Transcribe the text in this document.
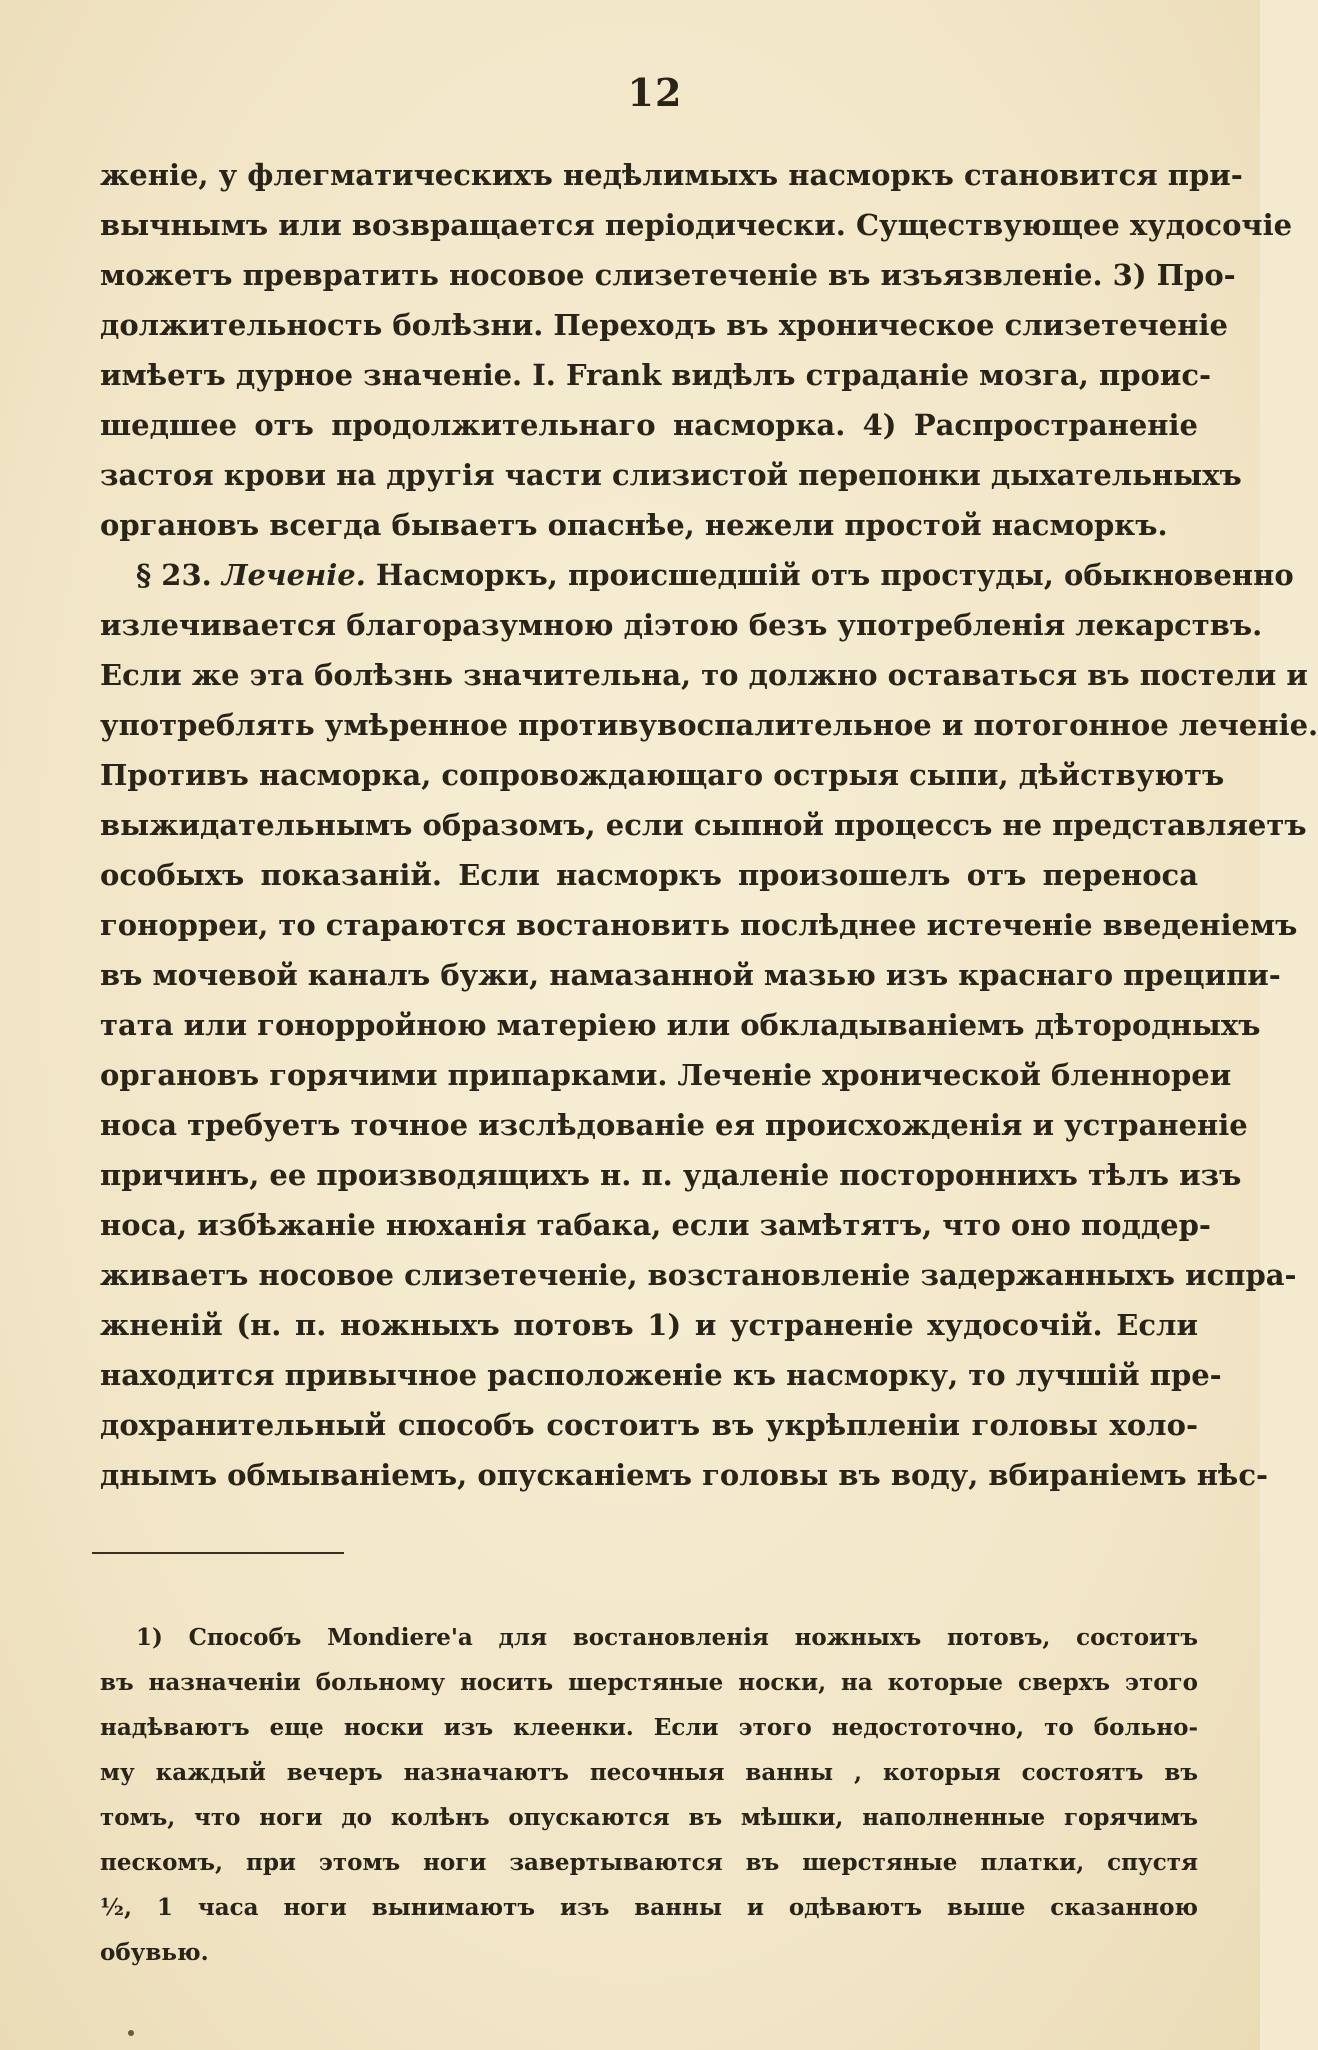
12
женіе, у флегматическихъ недѣлимыхъ насморкъ становится при-
вычнымъ или возвращается періодически. Существующее худосочіе
можетъ превратить носовое слизетеченіе въ изъязвленіе. 3) Про-
должительность болѣзни. Переходъ въ хроническое слизетеченіе
имѣетъ дурное значеніе. I. Frank видѣлъ страданіе мозга, проис-
шедшее отъ продолжительнаго насморка. 4) Распространеніе
застоя крови на другія части слизистой перепонки дыхательныхъ
органовъ всегда бываетъ опаснѣе, нежели простой насморкъ.
§ 23. Леченіе. Насморкъ, происшедшій отъ простуды, обыкновенно
излечивается благоразумною діэтою безъ употребленія лекарствъ.
Если же эта болѣзнь значительна, то должно оставаться въ постели и
употреблять умѣренное противувоспалительное и потогонное леченіе.
Противъ насморка, сопровождающаго острыя сыпи, дѣйствуютъ
выжидательнымъ образомъ, если сыпной процессъ не представляетъ
особыхъ показаній. Если насморкъ произошелъ отъ переноса
гонорреи, то стараются востановить послѣднее истеченіе введеніемъ
въ мочевой каналъ бужи, намазанной мазью изъ краснаго преципи-
тата или гонорройною матеріею или обкладываніемъ дѣтородныхъ
органовъ горячими припарками. Леченіе хронической бленнореи
носа требуетъ точное изслѣдованіе ея происхожденія и устраненіе
причинъ, ее производящихъ н. п. удаленіе постороннихъ тѣлъ изъ
носа, избѣжаніе нюханія табака, если замѣтятъ, что оно поддер-
живаетъ носовое слизетеченіе, возстановленіе задержанныхъ испра-
жненій (н. п. ножныхъ потовъ 1) и устраненіе худосочій. Если
находится привычное расположеніе къ насморку, то лучшій пре-
дохранительный способъ состоитъ въ укрѣпленіи головы холо-
днымъ обмываніемъ, опусканіемъ головы въ воду, вбираніемъ нѣс-
1) Способъ Mondiere'а для востановленія ножныхъ потовъ, состоитъ
въ назначеніи больному носить шерстяные носки, на которые сверхъ этого
надѣваютъ еще носки изъ клеенки. Если этого недостоточно, то больно-
му каждый вечеръ назначаютъ песочныя ванны , которыя состоятъ въ
томъ, что ноги до колѣнъ опускаются въ мѣшки, наполненные горячимъ
пескомъ, при этомъ ноги завертываются въ шерстяные платки, спустя
½, 1 часа ноги вынимаютъ изъ ванны и одѣваютъ выше сказанною
обувью.
